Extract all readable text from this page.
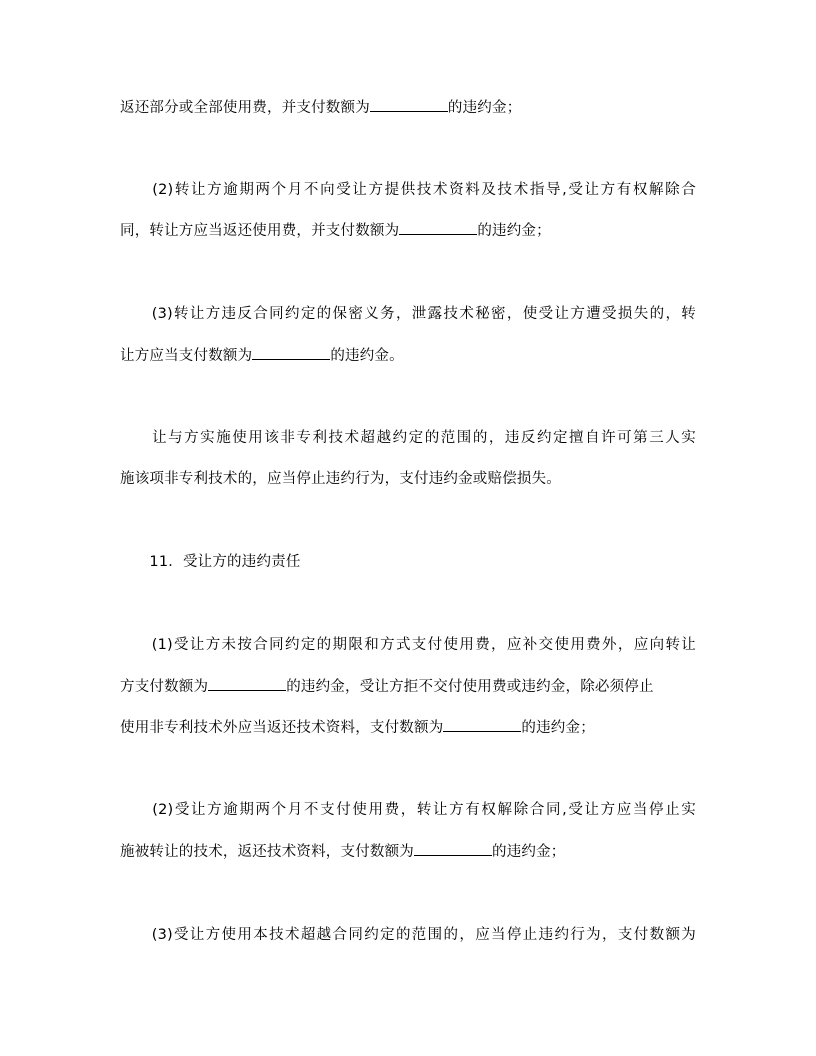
返还部分或全部使用费，并支付数额为	的违约金；
　　(2)转让方逾期两个月不向受让方提供技术资料及技术指导,受让方有权解除合
同，转让方应当返还使用费，并支付数额为	的违约金；
　　(3)转让方违反合同约定的保密义务，泄露技术秘密，使受让方遭受损失的，转
让方应当支付数额为	的违约金。
　　让与方实施使用该非专利技术超越约定的范围的，违反约定擅自许可第三人实
施该项非专利技术的，应当停止违约行为，支付违约金或赔偿损失。
　　11．受让方的违约责任
　　(1)受让方未按合同约定的期限和方式支付使用费，应补交使用费外，应向转让
方支付数额为	的违约金，受让方拒不交付使用费或违约金，除必须停止
使用非专利技术外应当返还技术资料，支付数额为	的违约金；
　　(2)受让方逾期两个月不支付使用费，转让方有权解除合同,受让方应当停止实
施被转让的技术，返还技术资料，支付数额为	的违约金；
　　(3)受让方使用本技术超越合同约定的范围的，应当停止违约行为，支付数额为
